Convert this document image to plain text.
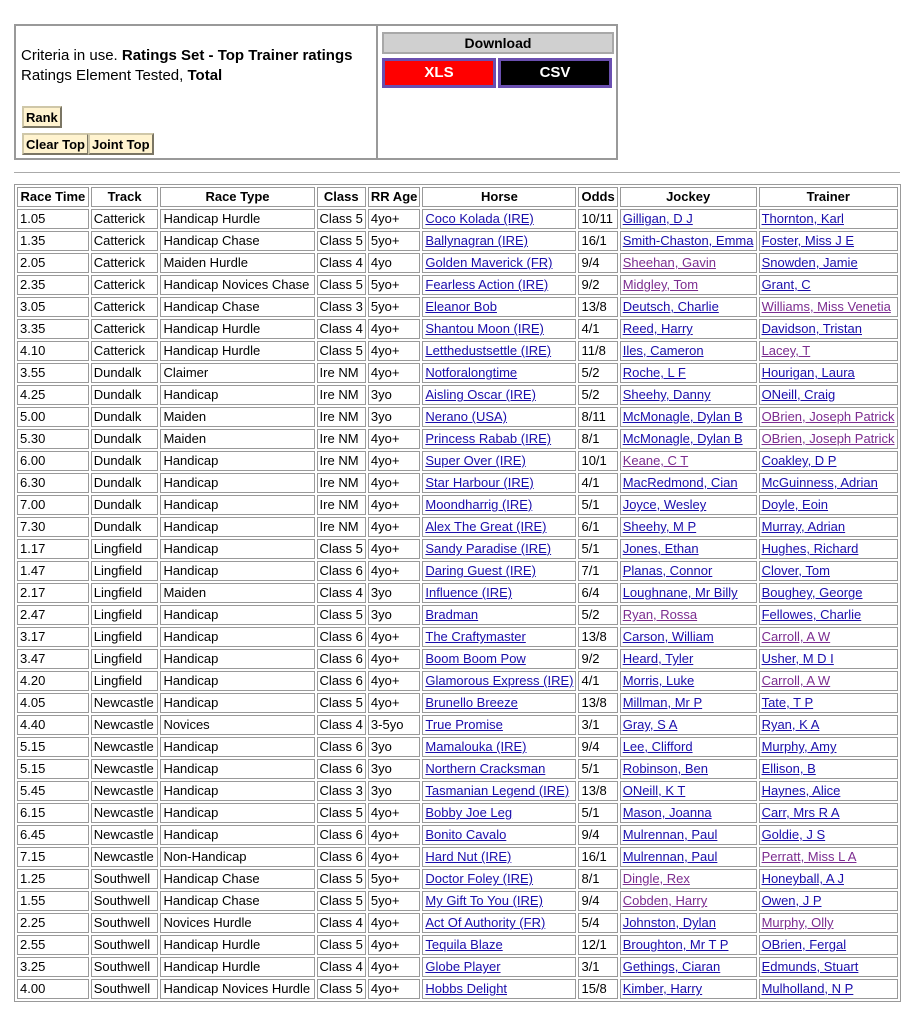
Criteria in use. Ratings Set - Top Trainer ratings
Ratings Element Tested, Total
Rank
Clear Top Joint Top
Download
XLS	CSV
Race Time	Track	Race Type	Class	RR Age	Horse	Odds	Jockey	Trainer
1.05	Catterick	Handicap Hurdle	Class 5	4yo+	Coco Kolada (IRE)	10/11	Gilligan, D J	Thornton, Karl
1.35	Catterick	Handicap Chase	Class 5	5yo+	Ballynagran (IRE)	16/1	Smith-Chaston, Emma	Foster, Miss J E
2.05	Catterick	Maiden Hurdle	Class 4	4yo	Golden Maverick (FR)	9/4	Sheehan, Gavin	Snowden, Jamie
2.35	Catterick	Handicap Novices Chase	Class 5	5yo+	Fearless Action (IRE)	9/2	Midgley, Tom	Grant, C
3.05	Catterick	Handicap Chase	Class 3	5yo+	Eleanor Bob	13/8	Deutsch, Charlie	Williams, Miss Venetia
3.35	Catterick	Handicap Hurdle	Class 4	4yo+	Shantou Moon (IRE)	4/1	Reed, Harry	Davidson, Tristan
4.10	Catterick	Handicap Hurdle	Class 5	4yo+	Letthedustsettle (IRE)	11/8	Iles, Cameron	Lacey, T
3.55	Dundalk	Claimer	Ire NM	4yo+	Notforalongtime	5/2	Roche, L F	Hourigan, Laura
4.25	Dundalk	Handicap	Ire NM	3yo	Aisling Oscar (IRE)	5/2	Sheehy, Danny	ONeill, Craig
5.00	Dundalk	Maiden	Ire NM	3yo	Nerano (USA)	8/11	McMonagle, Dylan B	OBrien, Joseph Patrick
5.30	Dundalk	Maiden	Ire NM	4yo+	Princess Rabab (IRE)	8/1	McMonagle, Dylan B	OBrien, Joseph Patrick
6.00	Dundalk	Handicap	Ire NM	4yo+	Super Over (IRE)	10/1	Keane, C T	Coakley, D P
6.30	Dundalk	Handicap	Ire NM	4yo+	Star Harbour (IRE)	4/1	MacRedmond, Cian	McGuinness, Adrian
7.00	Dundalk	Handicap	Ire NM	4yo+	Moondharrig (IRE)	5/1	Joyce, Wesley	Doyle, Eoin
7.30	Dundalk	Handicap	Ire NM	4yo+	Alex The Great (IRE)	6/1	Sheehy, M P	Murray, Adrian
1.17	Lingfield	Handicap	Class 5	4yo+	Sandy Paradise (IRE)	5/1	Jones, Ethan	Hughes, Richard
1.47	Lingfield	Handicap	Class 6	4yo+	Daring Guest (IRE)	7/1	Planas, Connor	Clover, Tom
2.17	Lingfield	Maiden	Class 4	3yo	Influence (IRE)	6/4	Loughnane, Mr Billy	Boughey, George
2.47	Lingfield	Handicap	Class 5	3yo	Bradman	5/2	Ryan, Rossa	Fellowes, Charlie
3.17	Lingfield	Handicap	Class 6	4yo+	The Craftymaster	13/8	Carson, William	Carroll, A W
3.47	Lingfield	Handicap	Class 6	4yo+	Boom Boom Pow	9/2	Heard, Tyler	Usher, M D I
4.20	Lingfield	Handicap	Class 6	4yo+	Glamorous Express (IRE)	4/1	Morris, Luke	Carroll, A W
4.05	Newcastle	Handicap	Class 5	4yo+	Brunello Breeze	13/8	Millman, Mr P	Tate, T P
4.40	Newcastle	Novices	Class 4	3-5yo	True Promise	3/1	Gray, S A	Ryan, K A
5.15	Newcastle	Handicap	Class 6	3yo	Mamalouka (IRE)	9/4	Lee, Clifford	Murphy, Amy
5.15	Newcastle	Handicap	Class 6	3yo	Northern Cracksman	5/1	Robinson, Ben	Ellison, B
5.45	Newcastle	Handicap	Class 3	3yo	Tasmanian Legend (IRE)	13/8	ONeill, K T	Haynes, Alice
6.15	Newcastle	Handicap	Class 5	4yo+	Bobby Joe Leg	5/1	Mason, Joanna	Carr, Mrs R A
6.45	Newcastle	Handicap	Class 6	4yo+	Bonito Cavalo	9/4	Mulrennan, Paul	Goldie, J S
7.15	Newcastle	Non-Handicap	Class 6	4yo+	Hard Nut (IRE)	16/1	Mulrennan, Paul	Perratt, Miss L A
1.25	Southwell	Handicap Chase	Class 5	5yo+	Doctor Foley (IRE)	8/1	Dingle, Rex	Honeyball, A J
1.55	Southwell	Handicap Chase	Class 5	5yo+	My Gift To You (IRE)	9/4	Cobden, Harry	Owen, J P
2.25	Southwell	Novices Hurdle	Class 4	4yo+	Act Of Authority (FR)	5/4	Johnston, Dylan	Murphy, Olly
2.55	Southwell	Handicap Hurdle	Class 5	4yo+	Tequila Blaze	12/1	Broughton, Mr T P	OBrien, Fergal
3.25	Southwell	Handicap Hurdle	Class 4	4yo+	Globe Player	3/1	Gethings, Ciaran	Edmunds, Stuart
4.00	Southwell	Handicap Novices Hurdle	Class 5	4yo+	Hobbs Delight	15/8	Kimber, Harry	Mulholland, N P
